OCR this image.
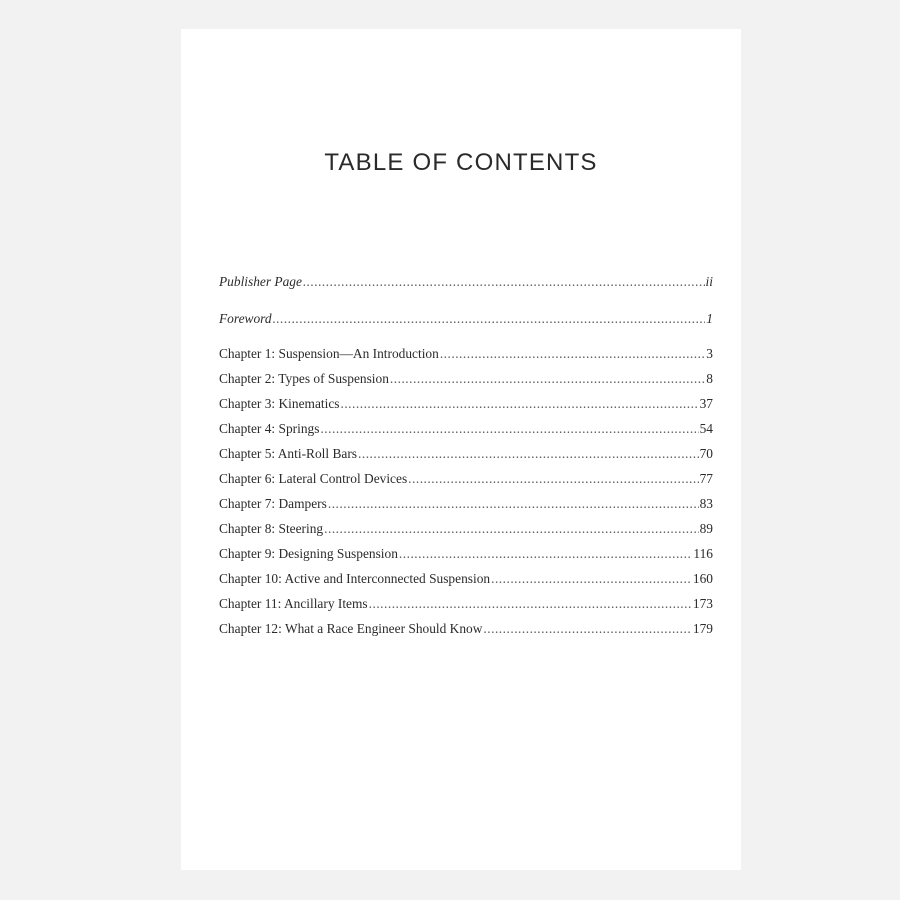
TABLE OF CONTENTS
Publisher Page .....	ii
Foreword .....	1
Chapter 1: Suspension—An Introduction .....	3
Chapter 2: Types of Suspension .....	8
Chapter 3: Kinematics .....	37
Chapter 4: Springs .....	54
Chapter 5: Anti-Roll Bars .....	70
Chapter 6: Lateral Control Devices .....	77
Chapter 7: Dampers .....	83
Chapter 8: Steering .....	89
Chapter 9: Designing Suspension .....	116
Chapter 10: Active and Interconnected Suspension .....	160
Chapter 11: Ancillary Items .....	173
Chapter 12: What a Race Engineer Should Know .....	179
